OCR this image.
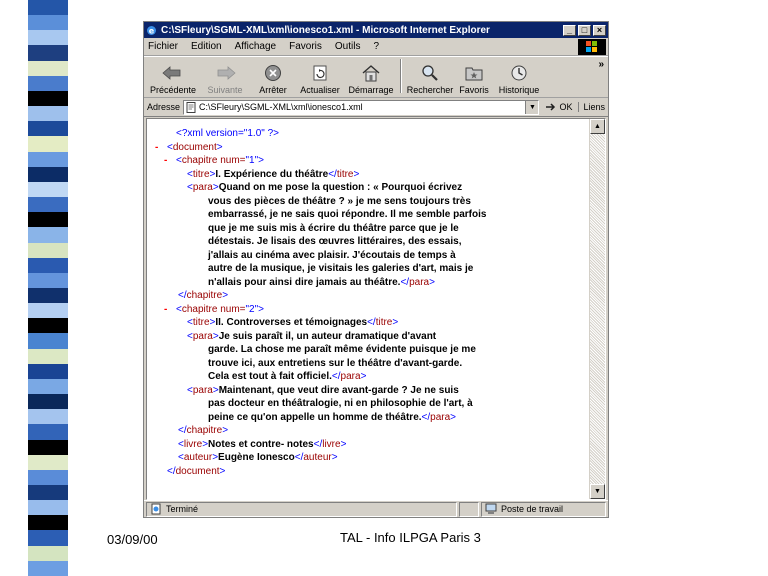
e C:\SFleury\SGML-XML\xml\ionesco1.xml - Microsoft Internet Explorer	_	□	×
Fichier Edition Affichage Favoris Outils ?
Précédente Suivante Arrêter Actualiser Démarrage Rechercher Favoris Historique
»
Adresse C:\SFleury\SGML-XML\xml\ionesco1.xml	▼	OK	Liens
<?xml version="1.0" ?>
- <document>
- <chapitre num="1">
<titre>I. Expérience du théâtre</titre>
<para>Quand on me pose la question : « Pourquoi écrivez
vous des pièces de théâtre ? » je me sens toujours très
embarrassé, je ne sais quoi répondre. Il me semble parfois
que je me suis mis à écrire du théâtre parce que je le
détestais. Je lisais des œuvres littéraires, des essais,
j'allais au cinéma avec plaisir. J'écoutais de temps à
autre de la musique, je visitais les galeries d'art, mais je
n'allais pour ainsi dire jamais au théâtre.</para>
</chapitre>
- <chapitre num="2">
<titre>II. Controverses et témoignages</titre>
<para>Je suis paraît il, un auteur dramatique d'avant
garde. La chose me paraît même évidente puisque je me
trouve ici, aux entretiens sur le théâtre d'avant-garde.
Cela est tout à fait officiel.</para>
<para>Maintenant, que veut dire avant-garde ? Je ne suis
pas docteur en théâtralogie, ni en philosophie de l'art, à
peine ce qu'on appelle un homme de théâtre.</para>
</chapitre>
<livre>Notes et contre- notes</livre>
<auteur>Eugène Ionesco</auteur>
</document>
▲
▼
Terminé	Poste de travail
03/09/00	TAL - Info ILPGA Paris 3
